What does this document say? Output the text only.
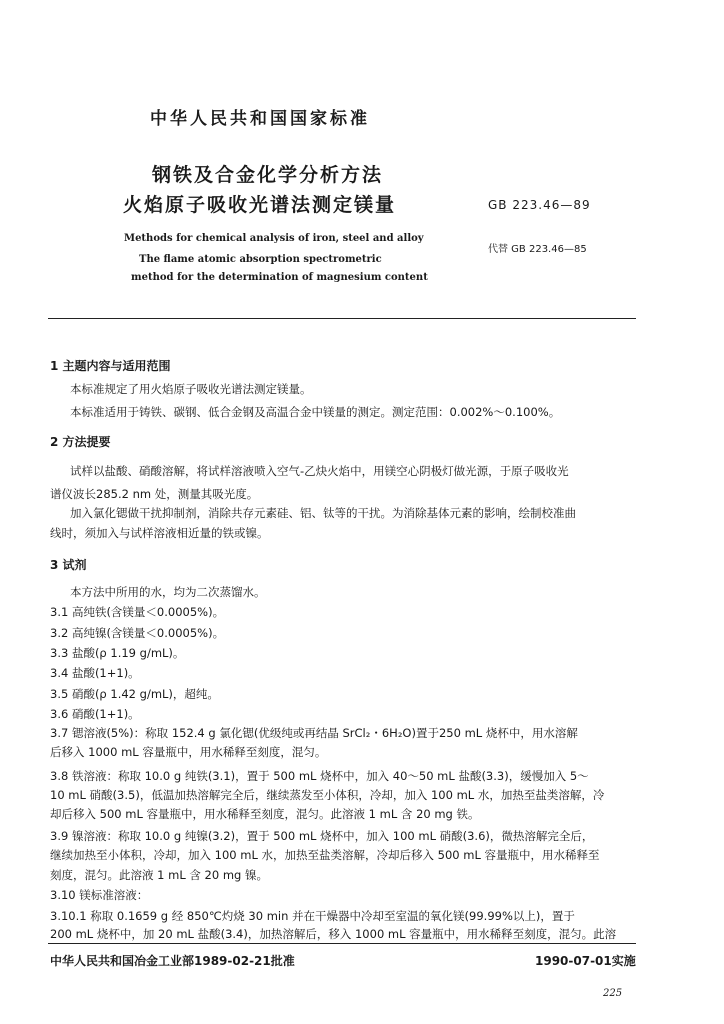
中华人民共和国国家标准
钢铁及合金化学分析方法
火焰原子吸收光谱法测定镁量	GB 223.46—89
Methods for chemical analysis of iron, steel and alloy
The flame atomic absorption spectrometric
method for the determination of magnesium content
代替 GB 223.46—85
1 主题内容与适用范围
本标准规定了用火焰原子吸收光谱法测定镁量。
本标准适用于铸铁、碳钢、低合金钢及高温合金中镁量的测定。测定范围：0.002%～0.100%。
2 方法提要
试样以盐酸、硝酸溶解，将试样溶液喷入空气-乙炔火焰中，用镁空心阴极灯做光源，于原子吸收光
谱仪波长285.2 nm 处，测量其吸光度。
加入氯化锶做干扰抑制剂，消除共存元素硅、铝、钛等的干扰。为消除基体元素的影响，绘制校准曲
线时，须加入与试样溶液相近量的铁或镍。
3 试剂
本方法中所用的水，均为二次蒸馏水。
3.1 高纯铁(含镁量＜0.0005%)。
3.2 高纯镍(含镁量＜0.0005%)。
3.3 盐酸(ρ 1.19 g/mL)。
3.4 盐酸(1+1)。
3.5 硝酸(ρ 1.42 g/mL)，超纯。
3.6 硝酸(1+1)。
3.7 锶溶液(5%)：称取 152.4 g 氯化锶(优级纯或再结晶 SrCl₂・6H₂O)置于250 mL 烧杯中，用水溶解
后移入 1000 mL 容量瓶中，用水稀释至刻度，混匀。
3.8 铁溶液：称取 10.0 g 纯铁(3.1)，置于 500 mL 烧杯中，加入 40～50 mL 盐酸(3.3)，缓慢加入 5～
10 mL 硝酸(3.5)，低温加热溶解完全后，继续蒸发至小体积，冷却，加入 100 mL 水，加热至盐类溶解，冷
却后移入 500 mL 容量瓶中，用水稀释至刻度，混匀。此溶液 1 mL 含 20 mg 铁。
3.9 镍溶液：称取 10.0 g 纯镍(3.2)，置于 500 mL 烧杯中，加入 100 mL 硝酸(3.6)，微热溶解完全后，
继续加热至小体积，冷却，加入 100 mL 水，加热至盐类溶解，冷却后移入 500 mL 容量瓶中，用水稀释至
刻度，混匀。此溶液 1 mL 含 20 mg 镍。
3.10 镁标准溶液：
3.10.1 称取 0.1659 g 经 850℃灼烧 30 min 并在干燥器中冷却至室温的氧化镁(99.99%以上)，置于
200 mL 烧杯中，加 20 mL 盐酸(3.4)，加热溶解后，移入 1000 mL 容量瓶中，用水稀释至刻度，混匀。此溶
中华人民共和国冶金工业部1989-02-21批准	1990-07-01实施
225
